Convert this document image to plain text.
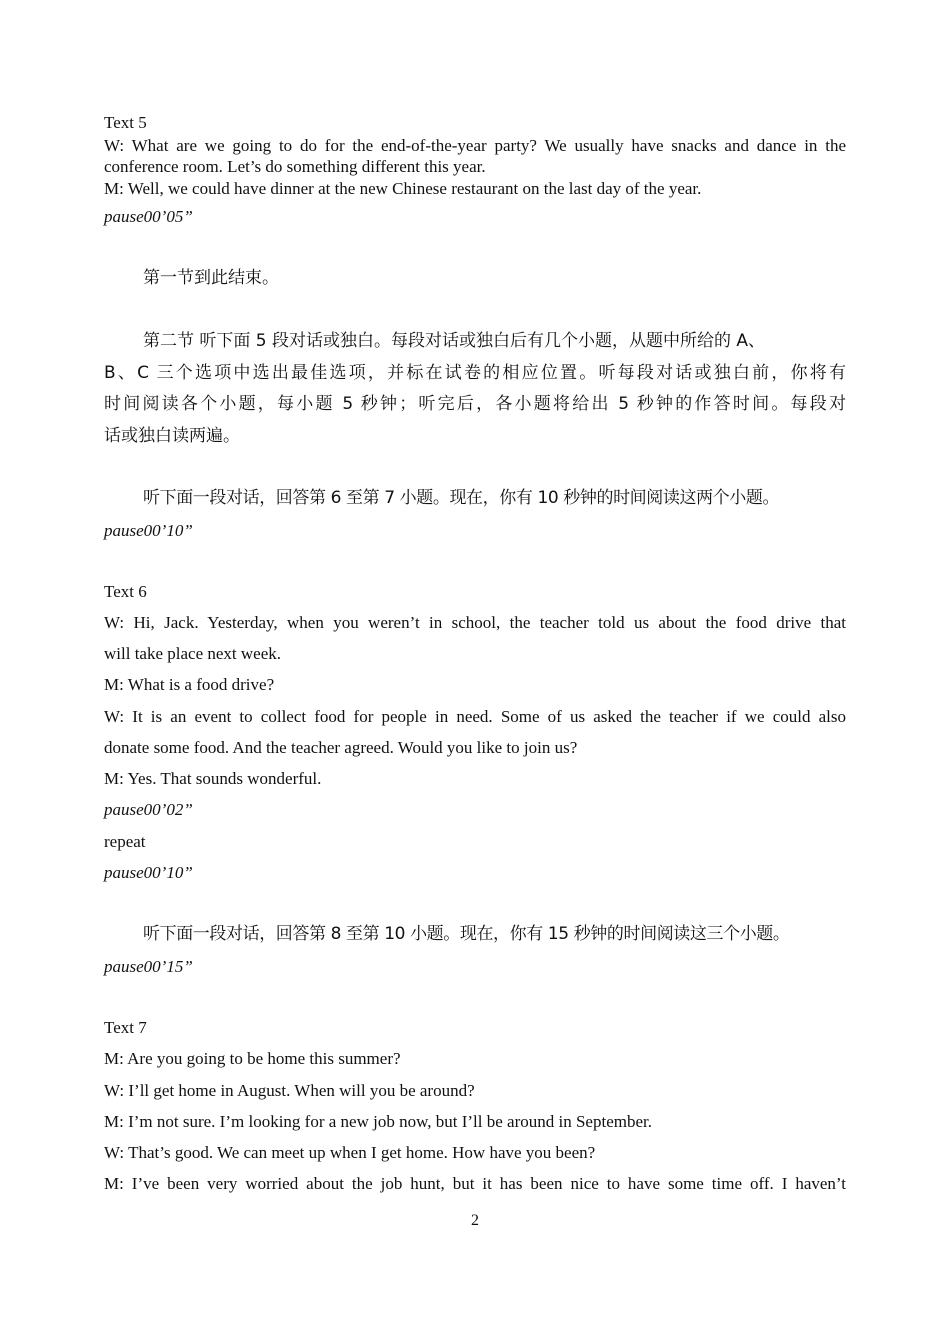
Text 5
W: What are we going to do for the end-of-the-year party? We usually have snacks and dance in the
conference room. Let’s do something different this year.
M: Well, we could have dinner at the new Chinese restaurant on the last day of the year.
pause00’05”
第一节到此结束。
第二节 听下面 5 段对话或独白。每段对话或独白后有几个小题，从题中所给的 A、
B、C 三个选项中选出最佳选项，并标在试卷的相应位置。听每段对话或独白前，你将有
时间阅读各个小题，每小题 5 秒钟；听完后，各小题将给出 5 秒钟的作答时间。每段对
话或独白读两遍。
听下面一段对话，回答第 6 至第 7 小题。现在，你有 10 秒钟的时间阅读这两个小题。
pause00’10”
Text 6
W: Hi, Jack. Yesterday, when you weren’t in school, the teacher told us about the food drive that
will take place next week.
M: What is a food drive?
W: It is an event to collect food for people in need. Some of us asked the teacher if we could also
donate some food. And the teacher agreed. Would you like to join us?
M: Yes. That sounds wonderful.
pause00’02”
repeat
pause00’10”
听下面一段对话，回答第 8 至第 10 小题。现在，你有 15 秒钟的时间阅读这三个小题。
pause00’15”
Text 7
M: Are you going to be home this summer?
W: I’ll get home in August. When will you be around?
M: I’m not sure. I’m looking for a new job now, but I’ll be around in September.
W: That’s good. We can meet up when I get home. How have you been?
M: I’ve been very worried about the job hunt, but it has been nice to have some time off. I haven’t
2
